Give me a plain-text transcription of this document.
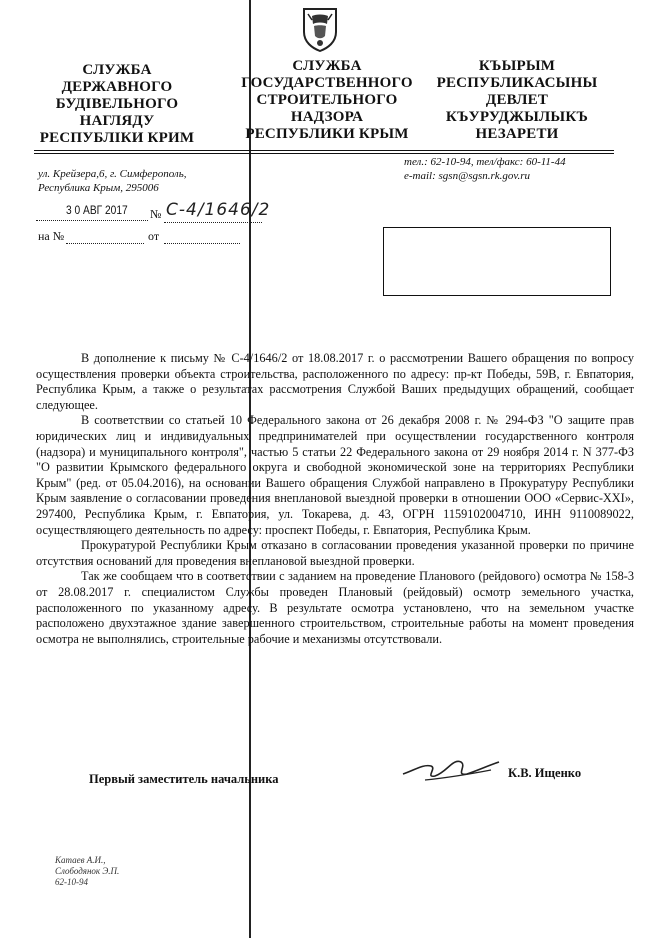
СЛУЖБА
ДЕРЖАВНОГО
БУДІВЕЛЬНОГО
НАГЛЯДУ
РЕСПУБЛІКИ КРИМ
СЛУЖБА
ГОСУДАРСТВЕННОГО
СТРОИТЕЛЬНОГО
НАДЗОРА
РЕСПУБЛИКИ КРЫМ
КЪЫРЫМ
РЕСПУБЛИКАСЫНЫ
ДЕВЛЕТ
КЪУРУДЖЫЛЫКЪ
НЕЗАРЕТИ
ул. Крейзера,6, г. Симферополь,
Республика Крым, 295006
тел.: 62-10-94, тел/факс: 60-11-44
e-mail: sgsn@sgsn.rk.gov.ru
3 0 АВГ 2017 № С-4/1646/2
на №	от

В дополнение к письму № С-4/1646/2 от 18.08.2017 г. о рассмотрении Вашего обращения по вопросу осуществления проверки объекта строительства, расположенного по адресу: пр-кт Победы, 59В, г. Евпатория, Республика Крым, а также о результатах рассмотрения Службой Ваших предыдущих обращений, сообщает следующее.

В соответствии со статьей 10 Федерального закона от 26 декабря 2008 г. № 294-ФЗ "О защите прав юридических лиц и индивидуальных предпринимателей при осуществлении государственного контроля (надзора) и муниципального контроля", частью 5 статьи 22 Федерального закона от 29 ноября 2014 г. N 377-ФЗ "О развитии Крымского федерального округа и свободной экономической зоне на территориях Республики Крым" (ред. от 05.04.2016), на основании Вашего обращения Службой направлено в Прокуратуру Республики Крым заявление о согласовании проведения внеплановой выездной проверки в отношении ООО «Сервис-XXI», 297400, Республика Крым, г. Евпатория, ул. Токарева, д. 43, ОГРН 1159102004710, ИНН 9110089022, осуществляющего деятельность по адресу: проспект Победы, г. Евпатория, Республика Крым.

Прокуратурой Республики Крым отказано в согласовании проведения указанной проверки по причине отсутствия оснований для проведения внеплановой выездной проверки.

Так же сообщаем что в соответствии с заданием на проведение Планового (рейдового) осмотра № 158-3 от 28.08.2017 г. специалистом Службы проведен Плановый (рейдовый) осмотр земельного участка, расположенного по указанному адресу. В результате осмотра установлено, что на земельном участке расположено двухэтажное здание завершенного строительством, строительные работы на момент проведения осмотра не выполнялись, строительные рабочие и механизмы отсутствовали.

Первый заместитель начальника	К.В. Ищенко
Катаев А.И.,
Слободянок Э.П.
62-10-94
